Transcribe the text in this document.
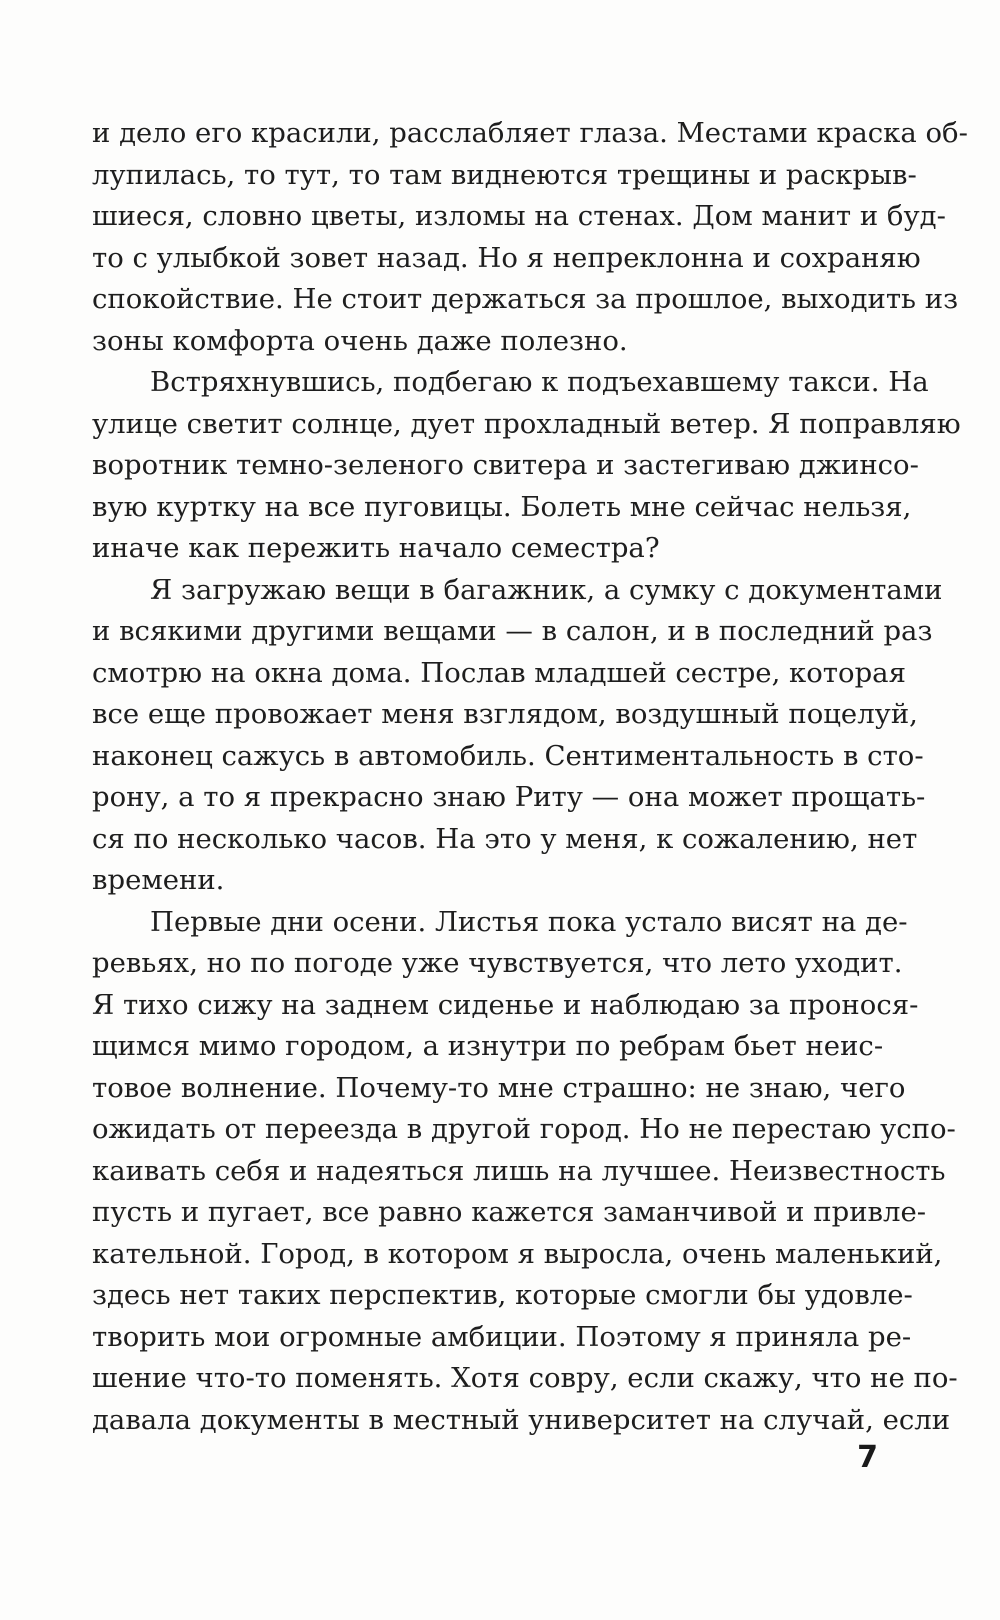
и дело его красили, расслабляет глаза. Местами краска об-
лупилась, то тут, то там виднеются трещины и раскрыв-
шиеся, словно цветы, изломы на стенах. Дом манит и буд-
то с улыбкой зовет назад. Но я непреклонна и сохраняю
спокойствие. Не стоит держаться за прошлое, выходить из
зоны комфорта очень даже полезно.
Встряхнувшись, подбегаю к подъехавшему такси. На
улице светит солнце, дует прохладный ветер. Я поправляю
воротник темно-зеленого свитера и застегиваю джинсо-
вую куртку на все пуговицы. Болеть мне сейчас нельзя,
иначе как пережить начало семестра?
Я загружаю вещи в багажник, а сумку с документами
и всякими другими вещами — в салон, и в последний раз
смотрю на окна дома. Послав младшей сестре, которая
все еще провожает меня взглядом, воздушный поцелуй,
наконец сажусь в автомобиль. Сентиментальность в сто-
рону, а то я прекрасно знаю Риту — она может прощать-
ся по несколько часов. На это у меня, к сожалению, нет
времени.
Первые дни осени. Листья пока устало висят на де-
ревьях, но по погоде уже чувствуется, что лето уходит.
Я тихо сижу на заднем сиденье и наблюдаю за пронося-
щимся мимо городом, а изнутри по ребрам бьет неис-
товое волнение. Почему-то мне страшно: не знаю, чего
ожидать от переезда в другой город. Но не перестаю успо-
каивать себя и надеяться лишь на лучшее. Неизвестность
пусть и пугает, все равно кажется заманчивой и привле-
кательной. Город, в котором я выросла, очень маленький,
здесь нет таких перспектив, которые смогли бы удовле-
творить мои огромные амбиции. Поэтому я приняла ре-
шение что-то поменять. Хотя совру, если скажу, что не по-
давала документы в местный университет на случай, если
7
